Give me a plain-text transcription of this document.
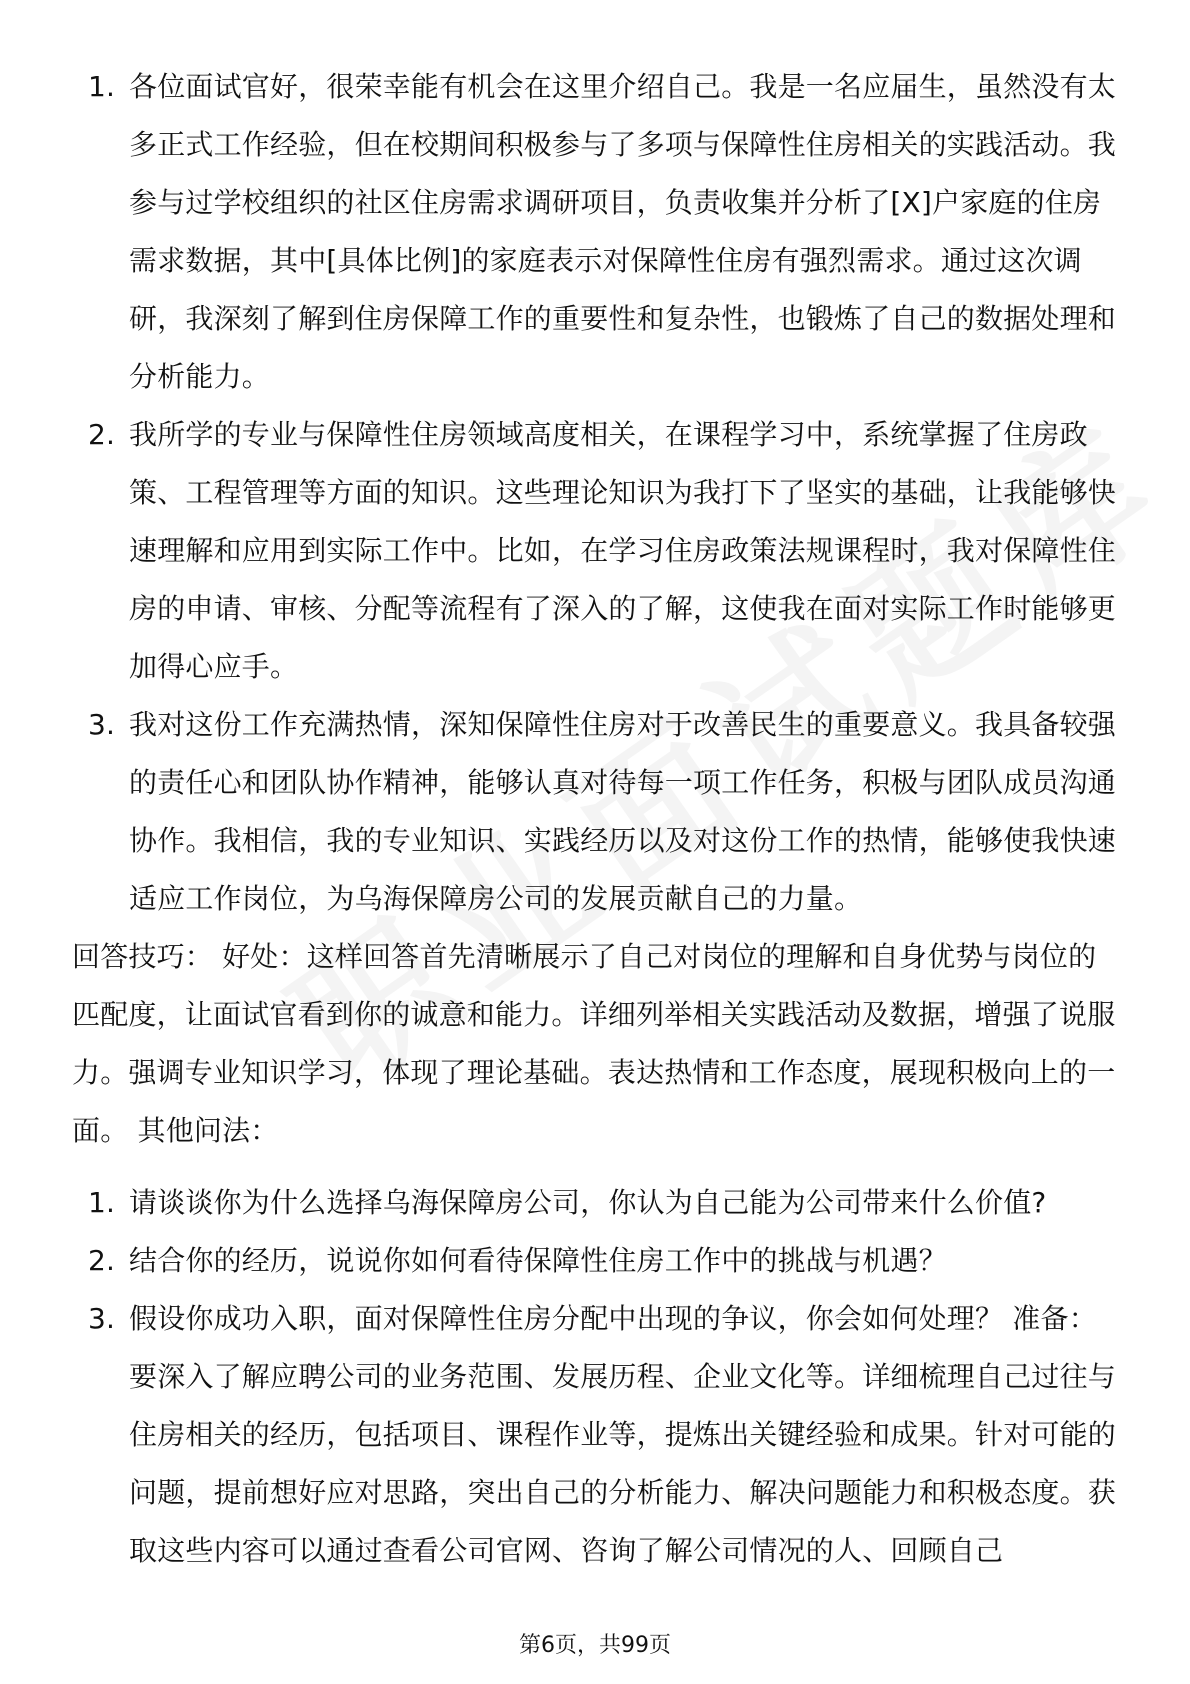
1. 各位面试官好，很荣幸能有机会在这里介绍自己。我是一名应届生，虽然没有太多正式工作经验，但在校期间积极参与了多项与保障性住房相关的实践活动。我参与过学校组织的社区住房需求调研项目，负责收集并分析了[X]户家庭的住房需求数据，其中[具体比例]的家庭表示对保障性住房有强烈需求。通过这次调研，我深刻了解到住房保障工作的重要性和复杂性，也锻炼了自己的数据处理和分析能力。
2. 我所学的专业与保障性住房领域高度相关，在课程学习中，系统掌握了住房政策、工程管理等方面的知识。这些理论知识为我打下了坚实的基础，让我能够快速理解和应用到实际工作中。比如，在学习住房政策法规课程时，我对保障性住房的申请、审核、分配等流程有了深入的了解，这使我在面对实际工作时能够更加得心应手。
3. 我对这份工作充满热情，深知保障性住房对于改善民生的重要意义。我具备较强的责任心和团队协作精神，能够认真对待每一项工作任务，积极与团队成员沟通协作。我相信，我的专业知识、实践经历以及对这份工作的热情，能够使我快速适应工作岗位，为乌海保障房公司的发展贡献自己的力量。

回答技巧： 好处：这样回答首先清晰展示了自己对岗位的理解和自身优势与岗位的匹配度，让面试官看到你的诚意和能力。详细列举相关实践活动及数据，增强了说服力。强调专业知识学习，体现了理论基础。表达热情和工作态度，展现积极向上的一面。 其他问法：

1. 请谈谈你为什么选择乌海保障房公司，你认为自己能为公司带来什么价值?
2. 结合你的经历，说说你如何看待保障性住房工作中的挑战与机遇？
3. 假设你成功入职，面对保障性住房分配中出现的争议，你会如何处理？ 准备：要深入了解应聘公司的业务范围、发展历程、企业文化等。详细梳理自己过往与住房相关的经历，包括项目、课程作业等，提炼出关键经验和成果。针对可能的问题，提前想好应对思路，突出自己的分析能力、解决问题能力和积极态度。获取这些内容可以通过查看公司官网、咨询了解公司情况的人、回顾自己
第6页，共99页
